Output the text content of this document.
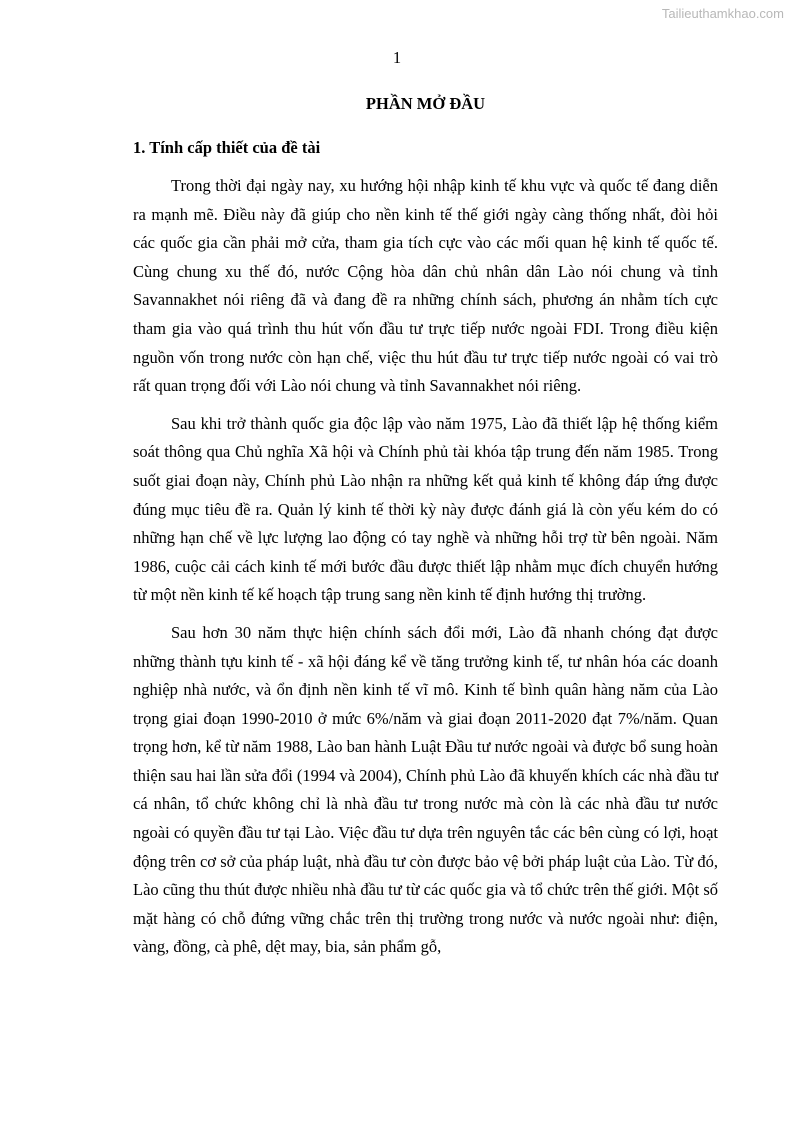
Tailieuthamkhao.com
1
PHẦN MỞ ĐẦU
1. Tính cấp thiết của đề tài

Trong thời đại ngày nay, xu hướng hội nhập kinh tế khu vực và quốc tế đang diễn ra mạnh mẽ. Điều này đã giúp cho nền kinh tế thế giới ngày càng thống nhất, đòi hỏi các quốc gia cần phải mở cửa, tham gia tích cực vào các mối quan hệ kinh tế quốc tế. Cùng chung xu thế đó, nước Cộng hòa dân chủ nhân dân Lào nói chung và tỉnh Savannakhet nói riêng đã và đang đề ra những chính sách, phương án nhằm tích cực tham gia vào quá trình thu hút vốn đầu tư trực tiếp nước ngoài FDI. Trong điều kiện nguồn vốn trong nước còn hạn chế, việc thu hút đầu tư trực tiếp nước ngoài có vai trò rất quan trọng đối với Lào nói chung và tỉnh Savannakhet nói riêng.

Sau khi trở thành quốc gia độc lập vào năm 1975, Lào đã thiết lập hệ thống kiểm soát thông qua Chủ nghĩa Xã hội và Chính phủ tài khóa tập trung đến năm 1985. Trong suốt giai đoạn này, Chính phủ Lào nhận ra những kết quả kinh tế không đáp ứng được đúng mục tiêu đề ra. Quản lý kinh tế thời kỳ này được đánh giá là còn yếu kém do có những hạn chế về lực lượng lao động có tay nghề và những hỗi trợ từ bên ngoài. Năm 1986, cuộc cải cách kinh tế mới bước đầu được thiết lập nhằm mục đích chuyển hướng từ một nền kinh tế kế hoạch tập trung sang nền kinh tế định hướng thị trường.

Sau hơn 30 năm thực hiện chính sách đổi mới, Lào đã nhanh chóng đạt được những thành tựu kinh tế - xã hội đáng kể về tăng trưởng kinh tế, tư nhân hóa các doanh nghiệp nhà nước, và ổn định nền kinh tế vĩ mô. Kinh tế bình quân hàng năm của Lào trọng giai đoạn 1990-2010 ở mức 6%/năm và giai đoạn 2011-2020 đạt 7%/năm. Quan trọng hơn, kể từ năm 1988, Lào ban hành Luật Đầu tư nước ngoài và được bổ sung hoàn thiện sau hai lần sửa đổi (1994 và 2004), Chính phủ Lào đã khuyến khích các nhà đầu tư cá nhân, tổ chức không chỉ là nhà đầu tư trong nước mà còn là các nhà đầu tư nước ngoài có quyền đầu tư tại Lào. Việc đầu tư dựa trên nguyên tắc các bên cùng có lợi, hoạt động trên cơ sở của pháp luật, nhà đầu tư còn được bảo vệ bởi pháp luật của Lào. Từ đó, Lào cũng thu thút được nhiều nhà đầu tư từ các quốc gia và tổ chức trên thế giới. Một số mặt hàng có chỗ đứng vững chắc trên thị trường trong nước và nước ngoài như: điện, vàng, đồng, cà phê, dệt may, bia, sản phẩm gỗ,
